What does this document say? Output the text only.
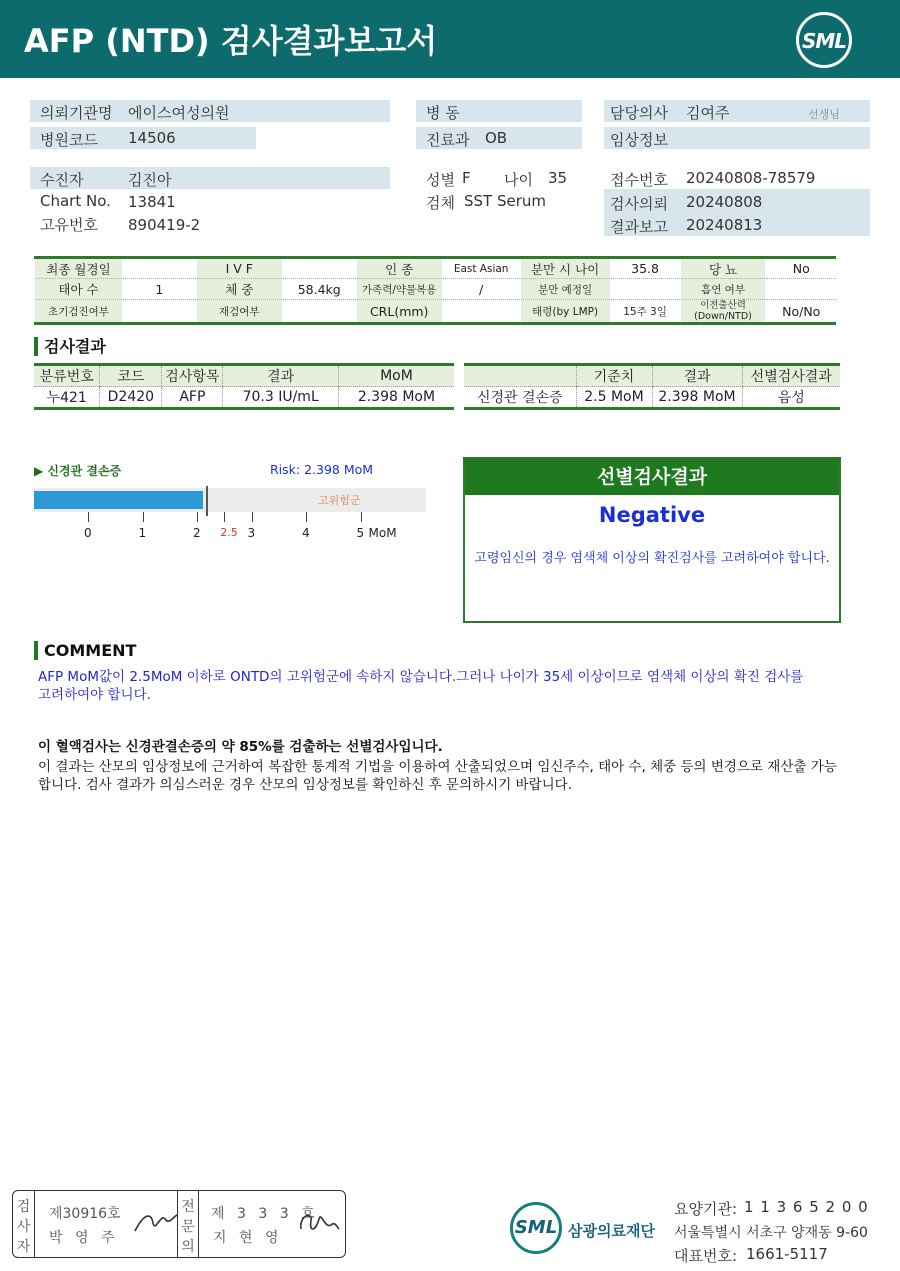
AFP (NTD) 검사결과보고서	SML
의뢰기관명 에이스여성의원
병원코드 14506
병 동
진료과 OB
담당의사 김여주	선생님
임상정보
수진자	김진아
Chart No. 13841
고유번호 890419-2
성별 F 나이 35
검체 SST Serum
접수번호 20240808-78579
검사의뢰 20240808
결과보고 20240813
최종 월경일		I V F		인 종	East Asian	분만 시 나이	35.8	당 뇨	No
태아 수	1	체 중	58.4kg	가족력/약물복용	/	분만 예정일		흡연 여부	
초기검진여부		재검여부		CRL(mm)		태령(by LMP)	15주 3일	이전출산력 (Down/NTD)	No/No
검사결과
분류번호	코드	검사항목	결과	MoM
누421	D2420	AFP	70.3 IU/mL	2.398 MoM
	기준치	결과	선별검사결과
신경관 결손증	2.5 MoM	2.398 MoM	음성
▶ 신경관 결손증	Risk: 2.398 MoM
고위험군
0	1	2 2.5 3	4	5 MoM
선별검사결과
Negative
고령임신의 경우 염색체 이상의 확진검사를 고려하여야 합니다.
COMMENT
AFP MoM값이 2.5MoM 이하로 ONTD의 고위험군에 속하지 않습니다.그러나 나이가 35세 이상이므로 염색체 이상의 확진 검사를 고려하여야 합니다.
이 혈액검사는 신경관결손증의 약 85%를 검출하는 선별검사입니다.
이 결과는 산모의 임상정보에 근거하여 복잡한 통계적 기법을 이용하여 산출되었으며 임신주수, 태아 수, 체중 등의 변경으로 재산출 가능합니다. 검사 결과가 의심스러운 경우 산모의 임상정보를 확인하신 후 문의하시기 바랍니다.
검사자
제30916호
박 영 주
전문의
제 3 3 3 호
지 현 영	SML 삼광의료재단
요양기관: 1 1 3 6 5 2 0 0
서울특별시 서초구 양재동 9-60
대표번호: 1661-5117
